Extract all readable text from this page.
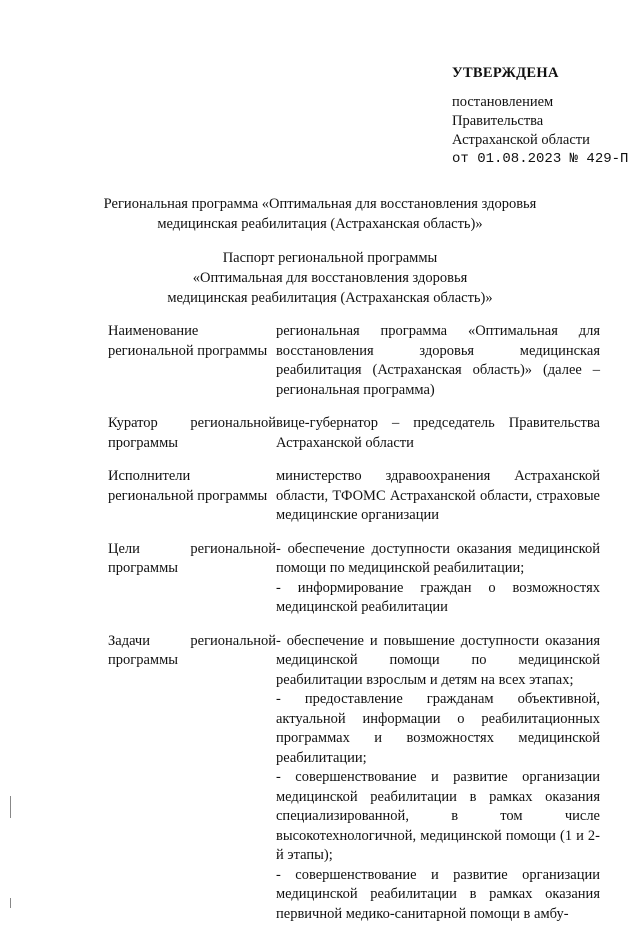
УТВЕРЖДЕНА
постановлением
Правительства
Астраханской области
от 01.08.2023 № 429-П
Региональная программа «Оптимальная для восстановления здоровья
медицинская реабилитация (Астраханская область)»
Паспорт региональной программы
«Оптимальная для восстановления здоровья
медицинская реабилитация (Астраханская область)»
Наименование региональной программы

региональная программа «Оптимальная для восстановления здоровья медицинская реабилитация (Астраханская область)» (далее – региональная программа)

Куратор региональной программы

вице-губернатор – председатель Правительства Астраханской области

Исполнители региональной программы

министерство здравоохранения Астраханской области, ТФОМС Астраханской области, страховые медицинские организации

Цели региональной программы

- обеспечение доступности оказания медицинской помощи по медицинской реабилитации;

- информирование граждан о возможностях медицинской реабилитации

Задачи региональной программы

- обеспечение и повышение доступности оказания медицинской помощи по медицинской реабилитации взрослым и детям на всех этапах;

- предоставление гражданам объективной, актуальной информации о реабилитационных программах и возможностях медицинской реабилитации;

- совершенствование и развитие организации медицинской реабилитации в рамках оказания специализированной, в том числе высокотехнологичной, медицинской помощи (1 и 2-й этапы);

- совершенствование и развитие организации медицинской реабилитации в рамках оказания первичной медико-санитарной помощи в амбу-
